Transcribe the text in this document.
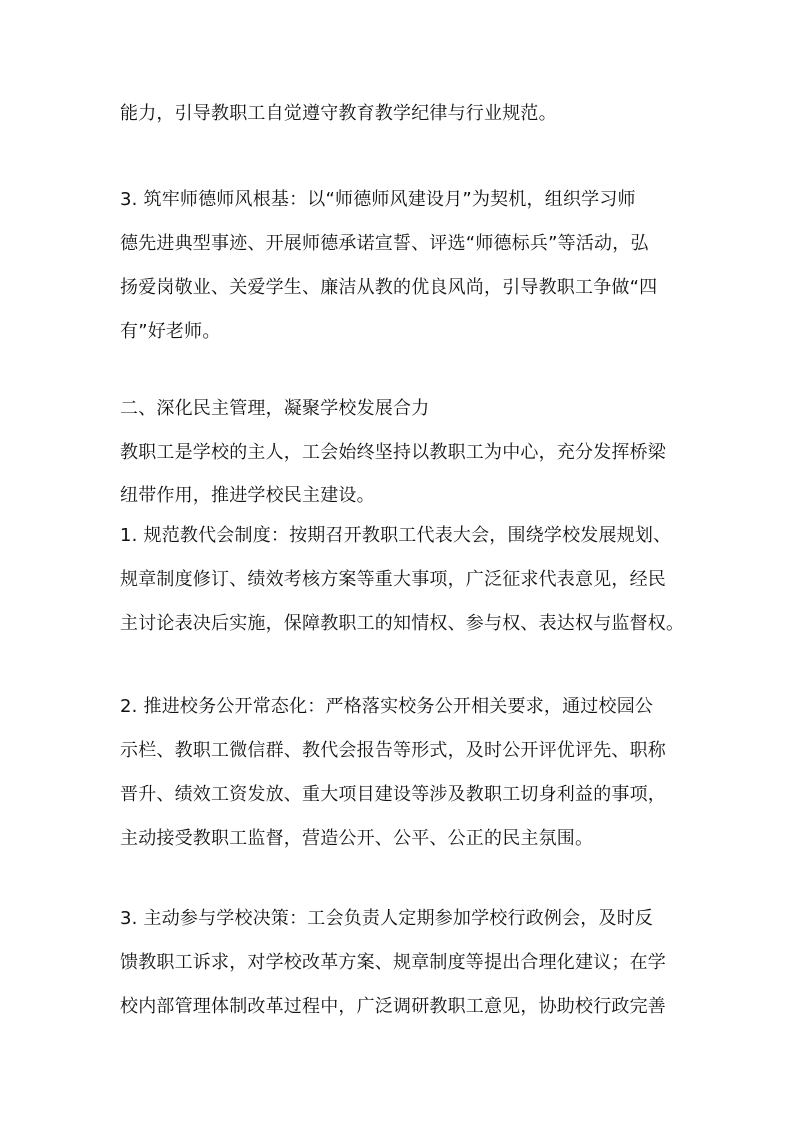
能力，引导教职工自觉遵守教育教学纪律与行业规范。
3. 筑牢师德师风根基：以“师德师风建设月”为契机，组织学习师
德先进典型事迹、开展师德承诺宣誓、评选“师德标兵”等活动，弘
扬爱岗敬业、关爱学生、廉洁从教的优良风尚，引导教职工争做“四
有”好老师。
二、深化民主管理，凝聚学校发展合力
教职工是学校的主人，工会始终坚持以教职工为中心，充分发挥桥梁
纽带作用，推进学校民主建设。
1. 规范教代会制度：按期召开教职工代表大会，围绕学校发展规划、
规章制度修订、绩效考核方案等重大事项，广泛征求代表意见，经民
主讨论表决后实施，保障教职工的知情权、参与权、表达权与监督权。
2. 推进校务公开常态化：严格落实校务公开相关要求，通过校园公
示栏、教职工微信群、教代会报告等形式，及时公开评优评先、职称
晋升、绩效工资发放、重大项目建设等涉及教职工切身利益的事项，
主动接受教职工监督，营造公开、公平、公正的民主氛围。
3. 主动参与学校决策：工会负责人定期参加学校行政例会，及时反
馈教职工诉求，对学校改革方案、规章制度等提出合理化建议；在学
校内部管理体制改革过程中，广泛调研教职工意见，协助校行政完善
